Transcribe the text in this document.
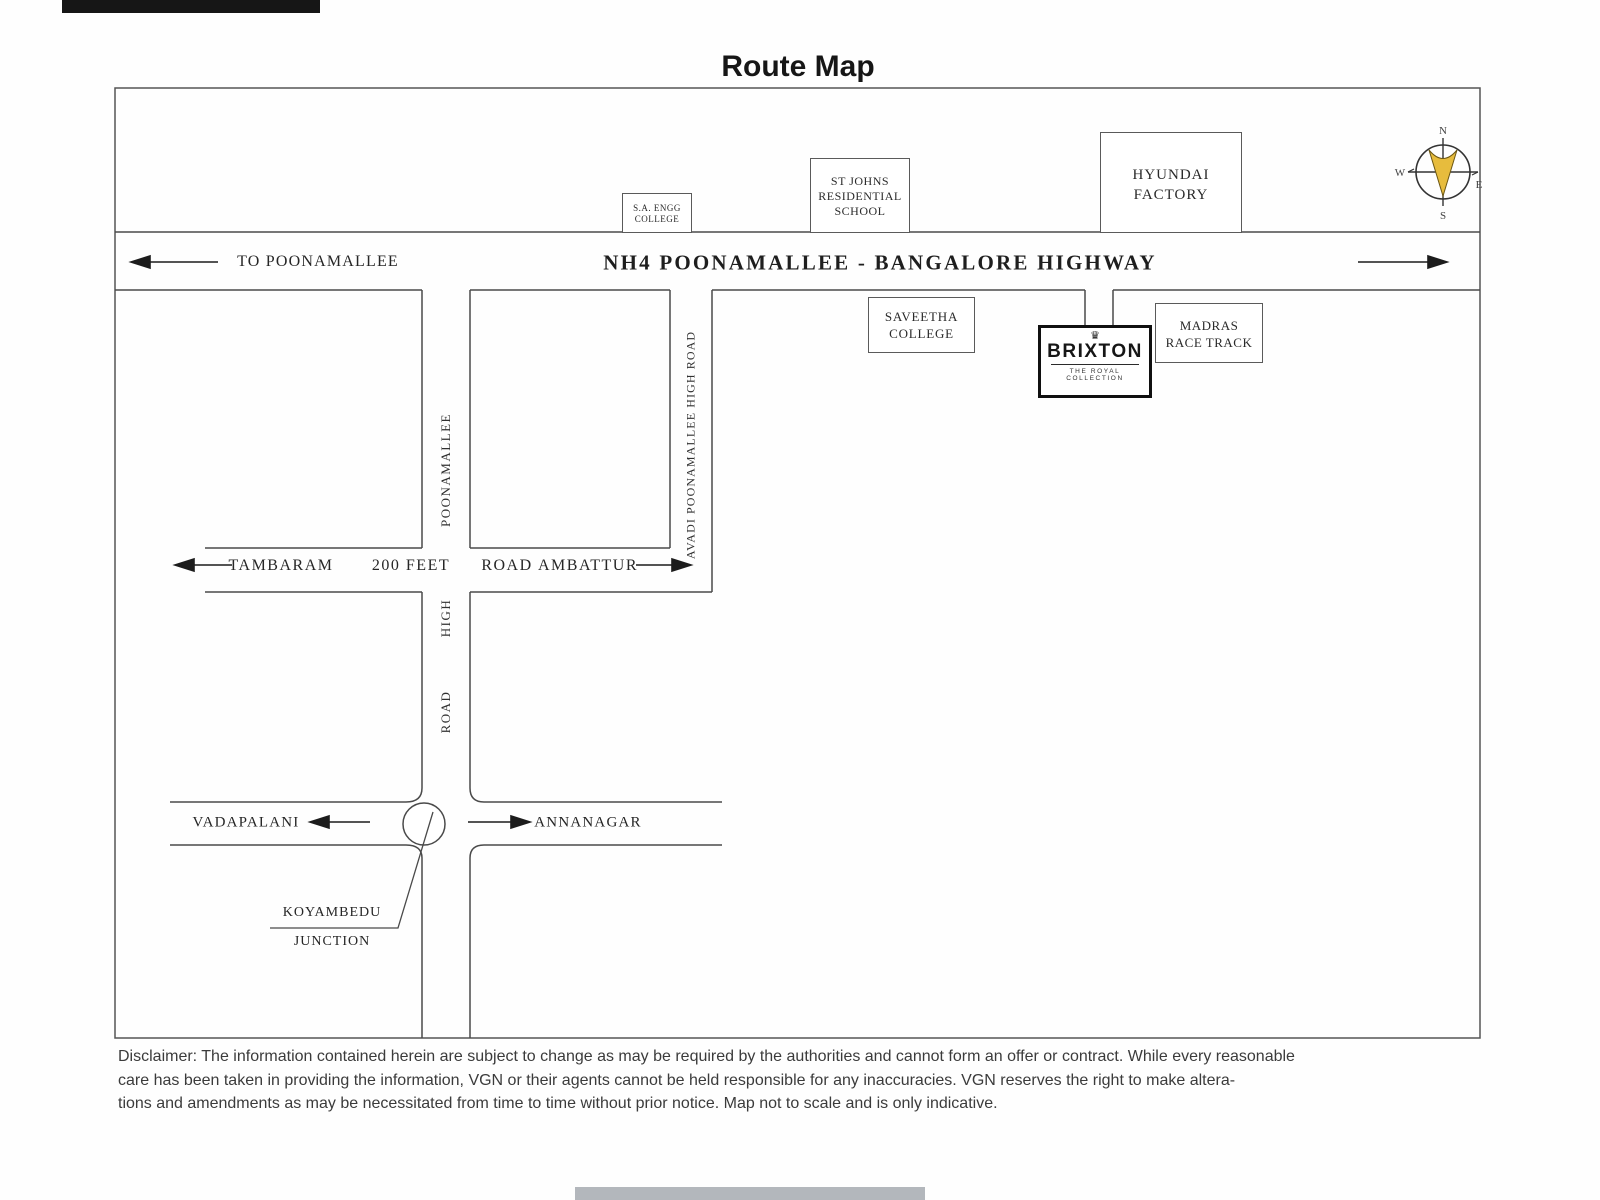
Route Map
N
S
W
E
TO POONAMALLEE	NH4 POONAMALLEE - BANGALORE HIGHWAY
S.A. ENGG
COLLEGE
ST JOHNS
RESIDENTIAL
SCHOOL
HYUNDAI
FACTORY
SAVEETHA
COLLEGE
MADRAS
RACE TRACK
♛
BRIXTON
THE ROYAL COLLECTION
POONAMALLEE
HIGH
ROAD
AVADI POONAMALLEE HIGH ROAD
TAMBARAM 200 FEET ROAD AMBATTUR
VADAPALANI	ANNANAGAR
KOYAMBEDU
JUNCTION
Disclaimer: The information contained herein are subject to change as may be required by the authorities and cannot form an offer or contract. While every reasonable
care has been taken in providing the information, VGN or their agents cannot be held responsible for any inaccuracies. VGN reserves the right to make altera-
tions and amendments as may be necessitated from time to time without prior notice. Map not to scale and is only indicative.
